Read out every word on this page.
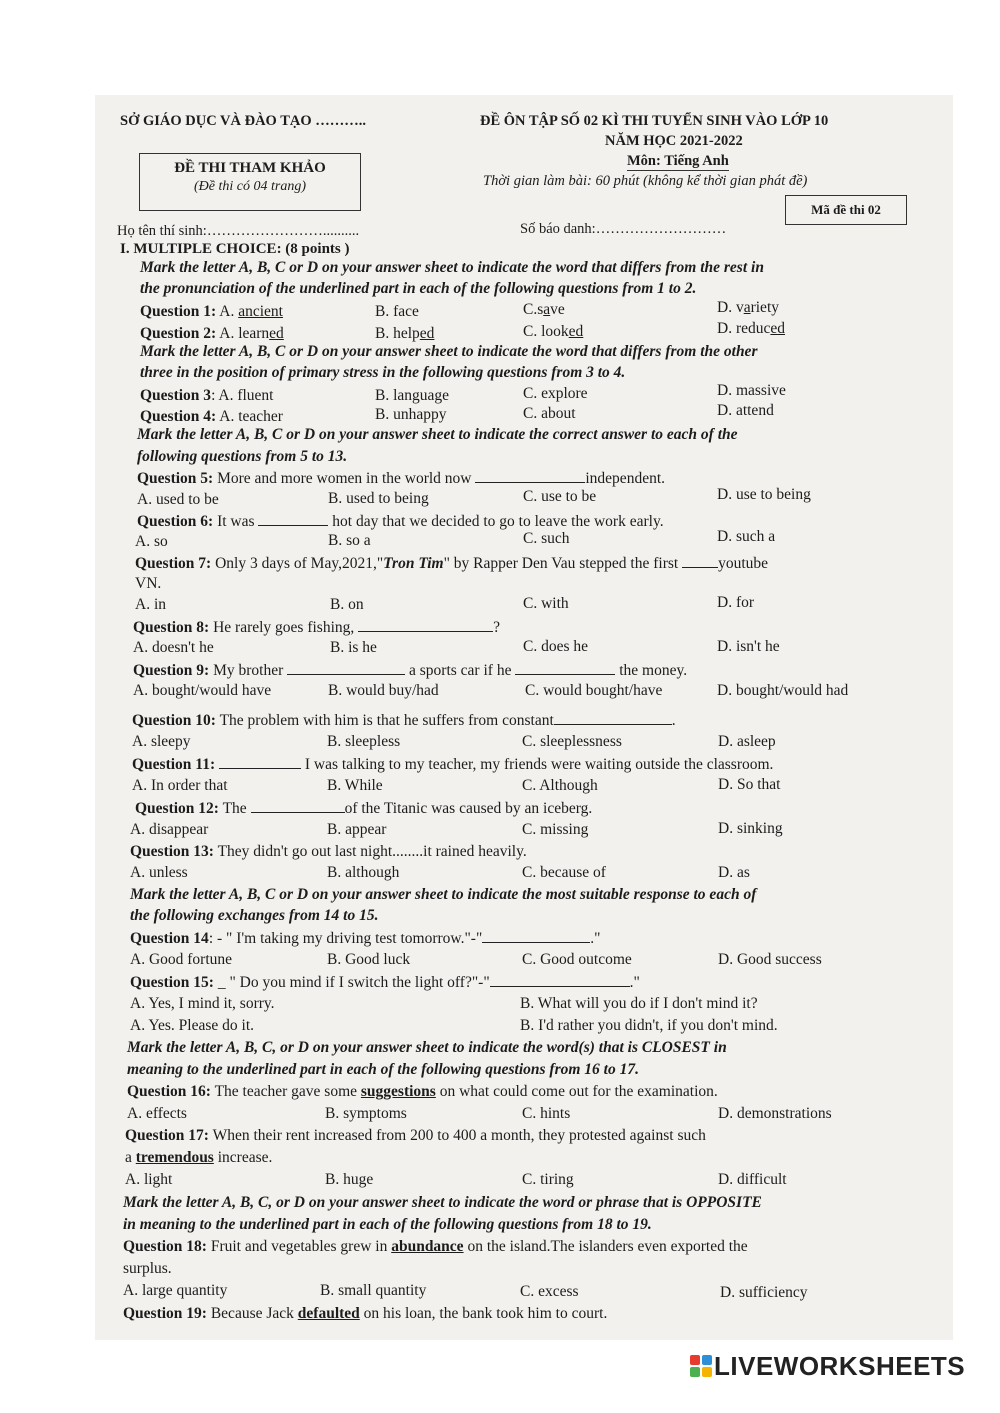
SỞ GIÁO DỤC VÀ ĐÀO TẠO ………..	ĐỀ ÔN TẬP SỐ 02 KÌ THI TUYỂN SINH VÀO LỚP 10
NĂM HỌC 2021-2022
Môn: Tiếng Anh
ĐỀ THI THAM KHẢO
(Đề thi có 04 trang)	Thời gian làm bài: 60 phút (không kể thời gian phát đề)
Mã đề thi 02
Họ tên thí sinh:……………………..........	Số báo danh:………………………
I. MULTIPLE CHOICE: (8 points )
Mark the letter A, B, C or D on your answer sheet to indicate the word that differs from the rest in
the pronunciation of the underlined part in each of the following questions from 1 to 2.
Question 1: A. ancient	B. face	C.save	D. variety
Question 2: A. learned	B. helped	C. looked	D. reduced
Mark the letter A, B, C or D on your answer sheet to indicate the word that differs from the other
three in the position of primary stress in the following questions from 3 to 4.
Question 3: A. fluent	B. language	C. explore	D. massive
Question 4: A. teacher	B. unhappy	C. about	D. attend
Mark the letter A, B, C or D on your answer sheet to indicate the correct answer to each of the
following questions from 5 to 13.
Question 5: More and more women in the world now	independent.
A. used to be	B. used to being	C. use to be	D. use to being
Question 6: It was	hot day that we decided to go to leave the work early.
A. so	B. so a	C. such	D. such a
Question 7: Only 3 days of May,2021,"Tron Tim" by Rapper Den Vau stepped the first	youtube
VN.
A. in	B. on	C. with	D. for
Question 8: He rarely goes fishing,	?
A. doesn't he	B. is he	C. does he	D. isn't he
Question 9: My brother	a sports car if he	the money.
A. bought/would have	B. would buy/had	C. would bought/have	D. bought/would had
Question 10: The problem with him is that he suffers from constant	.
A. sleepy	B. sleepless	C. sleeplessness	D. asleep
Question 11:	I was talking to my teacher, my friends were waiting outside the classroom.
A. In order that	B. While	C. Although	D. So that
Question 12: The	of the Titanic was caused by an iceberg.
A. disappear	B. appear	C. missing	D. sinking
Question 13: They didn't go out last night........it rained heavily.
A. unless	B. although	C. because of	D. as
Mark the letter A, B, C or D on your answer sheet to indicate the most suitable response to each of
the following exchanges from 14 to 15.
Question 14: - " I'm taking my driving test tomorrow."-"	."
A. Good fortune	B. Good luck	C. Good outcome	D. Good success
Question 15: _ " Do you mind if I switch the light off?"-"	."
A. Yes, I mind it, sorry.	B. What will you do if I don't mind it?
A. Yes. Please do it.	B. I'd rather you didn't, if you don't mind.
Mark the letter A, B, C, or D on your answer sheet to indicate the word(s) that is CLOSEST in
meaning to the underlined part in each of the following questions from 16 to 17.
Question 16: The teacher gave some suggestions on what could come out for the examination.
A. effects	B. symptoms	C. hints	D. demonstrations
Question 17: When their rent increased from 200 to 400 a month, they protested against such
a tremendous increase.
A. light	B. huge	C. tiring	D. difficult
Mark the letter A, B, C, or D on your answer sheet to indicate the word or phrase that is OPPOSITE
in meaning to the underlined part in each of the following questions from 18 to 19.
Question 18: Fruit and vegetables grew in abundance on the island.The islanders even exported the
surplus.
A. large quantity	B. small quantity	C. excess	D. sufficiency
Question 19: Because Jack defaulted on his loan, the bank took him to court.
LIVEWORKSHEETS
